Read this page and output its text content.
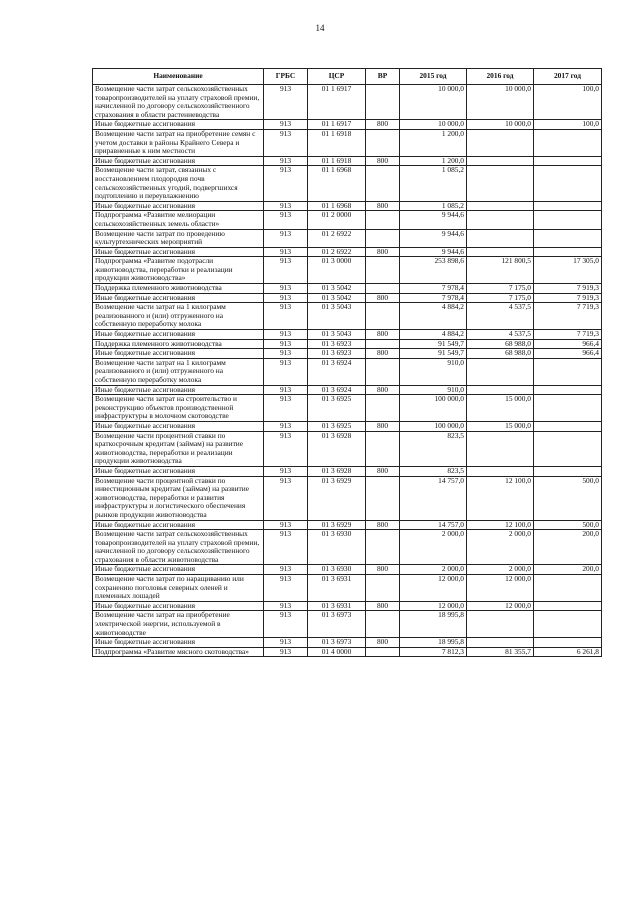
14
Наименование	ГРБС	ЦСР	ВР	2015 год	2016 год	2017 год
Возмещение части затрат сельскохозяйственных товаропроизводителей на уплату страховой премии, начисленной по договору сельскохозяйственного страхования в области растениеводства	913	01 1 6917		10 000,0	10 000,0	100,0
Иные бюджетные ассигнования	913	01 1 6917	800	10 000,0	10 000,0	100,0
Возмещение части затрат на приобретение семян с учетом доставки в районы Крайнего Севера и приравненные к ним местности	913	01 1 6918		1 200,0		
Иные бюджетные ассигнования	913	01 1 6918	800	1 200,0		
Возмещение части затрат, связанных с восстановлением плодородия почв сельскохозяйственных угодий, подвергшихся подтоплению и переувлажнению	913	01 1 6968		1 085,2		
Иные бюджетные ассигнования	913	01 1 6968	800	1 085,2		
Подпрограмма «Развитие мелиорации сельскохозяйственных земель области»	913	01 2 0000		9 944,6		
Возмещение части затрат по проведению культуртехнических мероприятий	913	01 2 6922		9 944,6		
Иные бюджетные ассигнования	913	01 2 6922	800	9 944,6		
Подпрограмма «Развитие подотрасли животноводства, переработки и реализации продукции животноводства»	913	01 3 0000		253 898,6	121 800,5	17 305,0
Поддержка племенного животноводства	913	01 3 5042		7 978,4	7 175,0	7 919,3
Иные бюджетные ассигнования	913	01 3 5042	800	7 978,4	7 175,0	7 919,3
Возмещение части затрат на 1 килограмм реализованного и (или) отгруженного на собственную переработку молока	913	01 3 5043		4 884,2	4 537,5	7 719,3
Иные бюджетные ассигнования	913	01 3 5043	800	4 884,2	4 537,5	7 719,3
Поддержка племенного животноводства	913	01 3 6923		91 549,7	68 988,0	966,4
Иные бюджетные ассигнования	913	01 3 6923	800	91 549,7	68 988,0	966,4
Возмещение части затрат на 1 килограмм реализованного и (или) отгруженного на собственную переработку молока	913	01 3 6924		910,0		
Иные бюджетные ассигнования	913	01 3 6924	800	910,0		
Возмещение части затрат на строительство и реконструкцию объектов производственной инфраструктуры в молочном скотоводстве	913	01 3 6925		100 000,0	15 000,0	
Иные бюджетные ассигнования	913	01 3 6925	800	100 000,0	15 000,0	
Возмещение части процентной ставки по краткосрочным кредитам (займам) на развитие животноводства, переработки и реализации продукции животноводства	913	01 3 6928		823,5		
Иные бюджетные ассигнования	913	01 3 6928	800	823,5		
Возмещение части процентной ставки по инвестиционным кредитам (займам) на развитие животноводства, переработки и развития инфраструктуры и логистического обеспечения рынков продукции животноводства	913	01 3 6929		14 757,0	12 100,0	500,0
Иные бюджетные ассигнования	913	01 3 6929	800	14 757,0	12 100,0	500,0
Возмещение части затрат сельскохозяйственных товаропроизводителей на уплату страховой премии, начисленной по договору сельскохозяйственного страхования в области животноводства	913	01 3 6930		2 000,0	2 000,0	200,0
Иные бюджетные ассигнования	913	01 3 6930	800	2 000,0	2 000,0	200,0
Возмещение части затрат по наращиванию или сохранению поголовья северных оленей и племенных лошадей	913	01 3 6931		12 000,0	12 000,0	
Иные бюджетные ассигнования	913	01 3 6931	800	12 000,0	12 000,0	
Возмещение части затрат на приобретение электрической энергии, используемой в животноводстве	913	01 3 6973		18 995,8		
Иные бюджетные ассигнования	913	01 3 6973	800	18 995,8		
Подпрограмма «Развитие мясного скотоводства»	913	01 4 0000		7 812,3	81 355,7	6 261,8
